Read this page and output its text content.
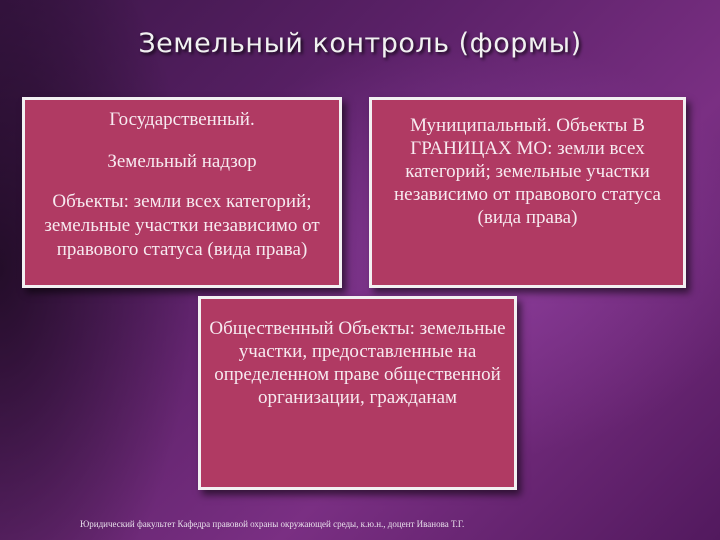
Земельный контроль (формы)

Государственный.

Земельный надзор

Объекты: земли всех категорий; земельные участки независимо от правового статуса (вида права)

Муниципальный. Объекты В ГРАНИЦАХ МО: земли всех категорий; земельные участки независимо от правового статуса (вида права)
Общественный Объекты: земельные участки, предоставленные на определенном праве общественной организации, гражданам
Юридический факультет Кафедра правовой охраны окружающей среды, к.ю.н., доцент Иванова Т.Г.
